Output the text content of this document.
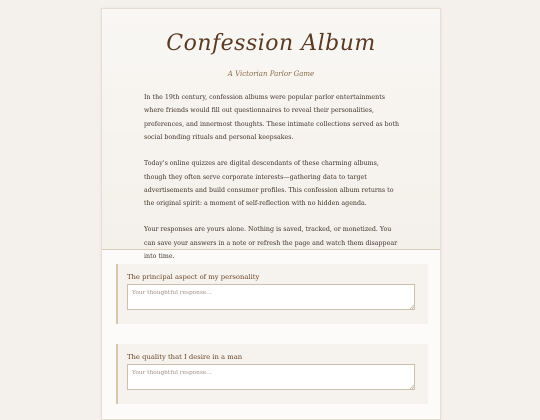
Confession Album
A Victorian Parlor Game

In the 19th century, confession albums were popular parlor entertainments where friends would fill out questionnaires to reveal their personalities, preferences, and innermost thoughts. These intimate collections served as both social bonding rituals and personal keepsakes.

Today's online quizzes are digital descendants of these charming albums, though they often serve corporate interests—gathering data to target advertisements and build consumer profiles. This confession album returns to the original spirit: a moment of self-reflection with no hidden agenda.

Your responses are yours alone. Nothing is saved, tracked, or monetized. You can save your answers in a note or refresh the page and watch them disappear into time.

The principal aspect of my personality
Your thoughtful response...
The quality that I desire in a man
Your thoughtful response...
